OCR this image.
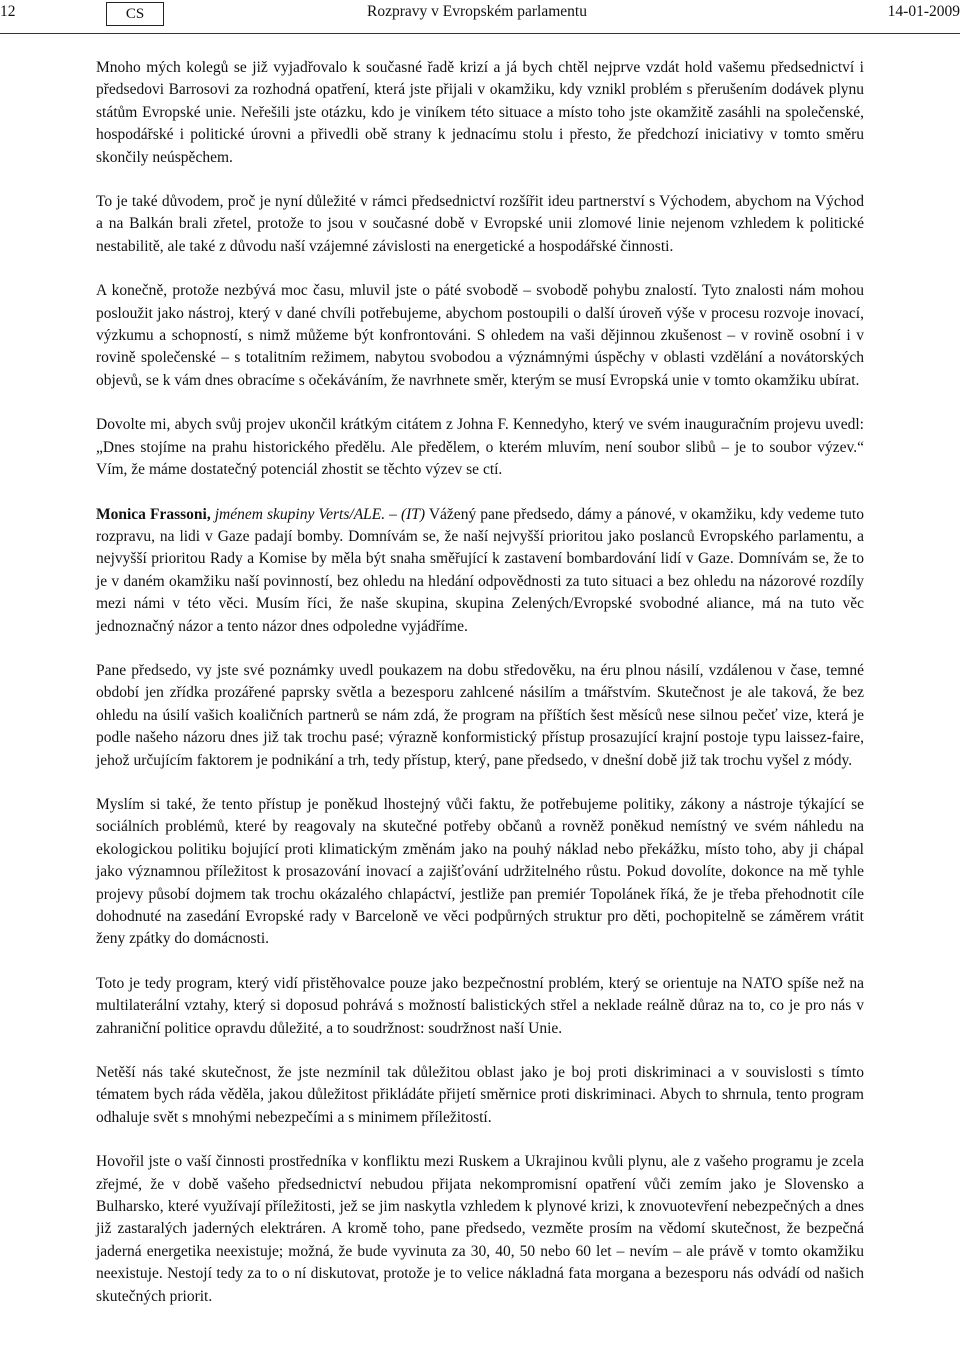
12	CS	Rozpravy v Evropském parlamentu	14-01-2009

Mnoho mých kolegů se již vyjadřovalo k současné řadě krizí a já bych chtěl nejprve vzdát hold vašemu předsednictví i předsedovi Barrosovi za rozhodná opatření, která jste přijali v okamžiku, kdy vznikl problém s přerušením dodávek plynu státům Evropské unie. Neřešili jste otázku, kdo je viníkem této situace a místo toho jste okamžitě zasáhli na společenské, hospodářské i politické úrovni a přivedli obě strany k jednacímu stolu i přesto, že předchozí iniciativy v tomto směru skončily neúspěchem.

To je také důvodem, proč je nyní důležité v rámci předsednictví rozšířit ideu partnerství s Východem, abychom na Východ a na Balkán brali zřetel, protože to jsou v současné době v Evropské unii zlomové linie nejenom vzhledem k politické nestabilitě, ale také z důvodu naší vzájemné závislosti na energetické a hospodářské činnosti.

A konečně, protože nezbývá moc času, mluvil jste o páté svobodě – svobodě pohybu znalostí. Tyto znalosti nám mohou posloužit jako nástroj, který v dané chvíli potřebujeme, abychom postoupili o další úroveň výše v procesu rozvoje inovací, výzkumu a schopností, s nimž můžeme být konfrontováni. S ohledem na vaši dějinnou zkušenost – v rovině osobní i v rovině společenské – s totalitním režimem, nabytou svobodou a význámnými úspěchy v oblasti vzdělání a novátorských objevů, se k vám dnes obracíme s očekáváním, že navrhnete směr, kterým se musí Evropská unie v tomto okamžiku ubírat.

Dovolte mi, abych svůj projev ukončil krátkým citátem z Johna F. Kennedyho, který ve svém inauguračním projevu uvedl: „Dnes stojíme na prahu historického předělu. Ale předělem, o kterém mluvím, není soubor slibů – je to soubor výzev.“ Vím, že máme dostatečný potenciál zhostit se těchto výzev se ctí.

Monica Frassoni, jménem skupiny Verts/ALE. – (IT) Vážený pane předsedo, dámy a pánové, v okamžiku, kdy vedeme tuto rozpravu, na lidi v Gaze padají bomby. Domnívám se, že naší nejvyšší prioritou jako poslanců Evropského parlamentu, a nejvyšší prioritou Rady a Komise by měla být snaha směřující k zastavení bombardování lidí v Gaze. Domnívám se, že to je v daném okamžiku naší povinností, bez ohledu na hledání odpovědnosti za tuto situaci a bez ohledu na názorové rozdíly mezi námi v této věci. Musím říci, že naše skupina, skupina Zelených/Evropské svobodné aliance, má na tuto věc jednoznačný názor a tento názor dnes odpoledne vyjádříme.

Pane předsedo, vy jste své poznámky uvedl poukazem na dobu středověku, na éru plnou násilí, vzdálenou v čase, temné období jen zřídka prozářené paprsky světla a bezesporu zahlcené násilím a tmářstvím. Skutečnost je ale taková, že bez ohledu na úsilí vašich koaličních partnerů se nám zdá, že program na příštích šest měsíců nese silnou pečeť vize, která je podle našeho názoru dnes již tak trochu pasé; výrazně konformistický přístup prosazující krajní postoje typu laissez-faire, jehož určujícím faktorem je podnikání a trh, tedy přístup, který, pane předsedo, v dnešní době již tak trochu vyšel z módy.

Myslím si také, že tento přístup je poněkud lhostejný vůči faktu, že potřebujeme politiky, zákony a nástroje týkající se sociálních problémů, které by reagovaly na skutečné potřeby občanů a rovněž poněkud nemístný ve svém náhledu na ekologickou politiku bojující proti klimatickým změnám jako na pouhý náklad nebo překážku, místo toho, aby ji chápal jako významnou příležitost k prosazování inovací a zajišťování udržitelného růstu. Pokud dovolíte, dokonce na mě tyhle projevy působí dojmem tak trochu okázalého chlapáctví, jestliže pan premiér Topolánek říká, že je třeba přehodnotit cíle dohodnuté na zasedání Evropské rady v Barceloně ve věci podpůrných struktur pro děti, pochopitelně se záměrem vrátit ženy zpátky do domácnosti.

Toto je tedy program, který vidí přistěhovalce pouze jako bezpečnostní problém, který se orientuje na NATO spíše než na multilaterální vztahy, který si doposud pohrává s možností balistických střel a neklade reálně důraz na to, co je pro nás v zahraniční politice opravdu důležité, a to soudržnost: soudržnost naší Unie.

Netěší nás také skutečnost, že jste nezmínil tak důležitou oblast jako je boj proti diskriminaci a v souvislosti s tímto tématem bych ráda věděla, jakou důležitost přikládáte přijetí směrnice proti diskriminaci. Abych to shrnula, tento program odhaluje svět s mnohými nebezpečími a s minimem příležitostí.

Hovořil jste o vaší činnosti prostředníka v konfliktu mezi Ruskem a Ukrajinou kvůli plynu, ale z vašeho programu je zcela zřejmé, že v době vašeho předsednictví nebudou přijata nekompromisní opatření vůči zemím jako je Slovensko a Bulharsko, které využívají příležitosti, jež se jim naskytla vzhledem k plynové krizi, k znovuotevření nebezpečných a dnes již zastaralých jaderných elektráren. A kromě toho, pane předsedo, vezměte prosím na vědomí skutečnost, že bezpečná jaderná energetika neexistuje; možná, že bude vyvinuta za 30, 40, 50 nebo 60 let – nevím – ale právě v tomto okamžiku neexistuje. Nestojí tedy za to o ní diskutovat, protože je to velice nákladná fata morgana a bezesporu nás odvádí od našich skutečných priorit.
